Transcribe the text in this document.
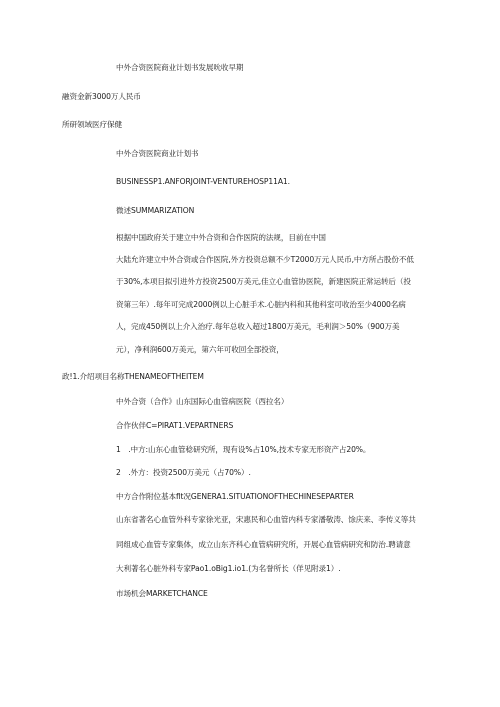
中外合资医院商业计划书发展吮收早期
融资金新3000万人民币
所研领域医疗保健
中外合资医院商业计划书
BUSINESSP1.ANFORJOINT-VENTUREHOSP11A1.
微述SUMMARIZATION
根据中国政府关于建立中外合资和合作医院的法规，目前在中国
大陆允许建立中外合资或合作医院,外方投资总额不少T2000万元人民币,中方所占股份不低
于30%,本项目拟引进外方投资2500万美元,佳立心血管协医院，新建医院正常运转后（投
资第三年）.每年可完成2000例以上心脏手术.心脏内科和其他科室可收治至少4000名病
人，完成450例以上介入治疗.每年总收入超过1800万美元，毛利润＞50%（900万美
元），净利润600万美元，第六年可收回全部投资，
政!1.介绍项目名称THENAMEOFTHEITEM
中外合资（合作》山东国际心血管病医院（西拉名）
合作伙伴C=PIRAT1.VEPARTNERS
1　.中方:山东心血管稔研究所，现有设%占10%,技术专家无形资产占20%。
2　.外方：投资2500万美元（占70%）.
中方合作附位基本flt况GENERA1.SITUATIONOFTHECHINESEPARTER
山东省著名心血管外科专家徐光亚，宋惠民和心血管内科专家潘敬涛、馀庆来、李传义等共
同组成心血管专家集体，成立山东齐科心血管病研究所，开展心血管病研究和防治.聘请意
大利著名心脏外科专家Pao1.oBig1.io1.(为名誉所长（佯见附录1）.
市场机会MARKETCHANCE
